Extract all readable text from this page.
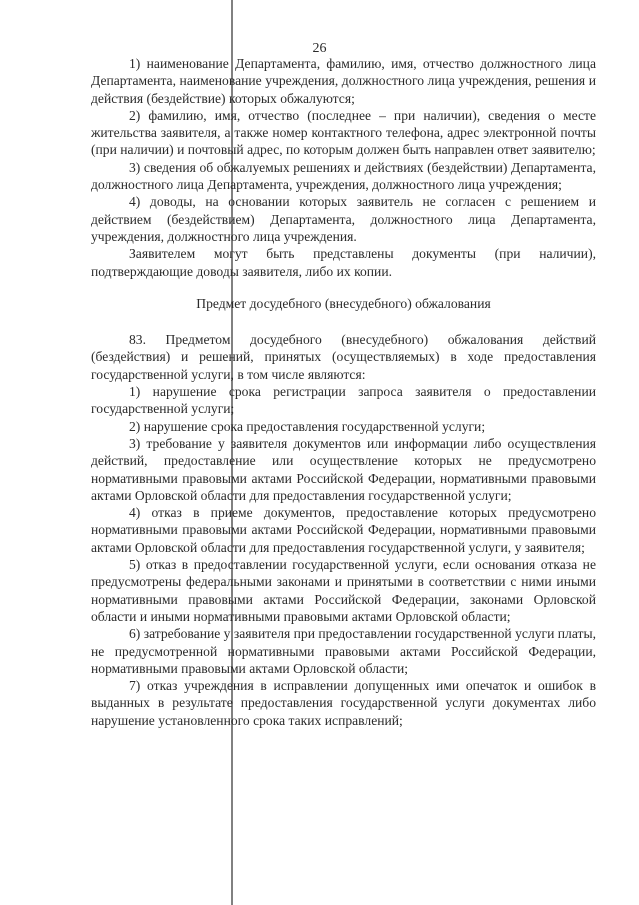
26

1) наименование Департамента, фамилию, имя, отчество должностного лица Департамента, наименование учреждения, должностного лица учреждения, решения и действия (бездействие) которых обжалуются;

2) фамилию, имя, отчество (последнее – при наличии), сведения о месте жительства заявителя, а также номер контактного телефона, адрес электронной почты (при наличии) и почтовый адрес, по которым должен быть направлен ответ заявителю;

3) сведения об обжалуемых решениях и действиях (бездействии) Департамента, должностного лица Департамента, учреждения, должностного лица учреждения;

4) доводы, на основании которых заявитель не согласен с решением и действием (бездействием) Департамента, должностного лица Департамента, учреждения, должностного лица учреждения.

Заявителем могут быть представлены документы (при наличии), подтверждающие доводы заявителя, либо их копии.

Предмет досудебного (внесудебного) обжалования

83. Предметом досудебного (внесудебного) обжалования действий (бездействия) и решений, принятых (осуществляемых) в ходе предоставления государственной услуги, в том числе являются:

1) нарушение срока регистрации запроса заявителя о предоставлении государственной услуги;

2) нарушение срока предоставления государственной услуги;

3) требование у заявителя документов или информации либо осуществления действий, предоставление или осуществление которых не предусмотрено нормативными правовыми актами Российской Федерации, нормативными правовыми актами Орловской области для предоставления государственной услуги;

4) отказ в приеме документов, предоставление которых предусмотрено нормативными правовыми актами Российской Федерации, нормативными правовыми актами Орловской области для предоставления государственной услуги, у заявителя;

5) отказ в предоставлении государственной услуги, если основания отказа не предусмотрены федеральными законами и принятыми в соответствии с ними иными нормативными правовыми актами Российской Федерации, законами Орловской области и иными нормативными правовыми актами Орловской области;

6) затребование у заявителя при предоставлении государственной услуги платы, не предусмотренной нормативными правовыми актами Российской Федерации, нормативными правовыми актами Орловской области;

7) отказ учреждения в исправлении допущенных ими опечаток и ошибок в выданных в результате предоставления государственной услуги документах либо нарушение установленного срока таких исправлений;
